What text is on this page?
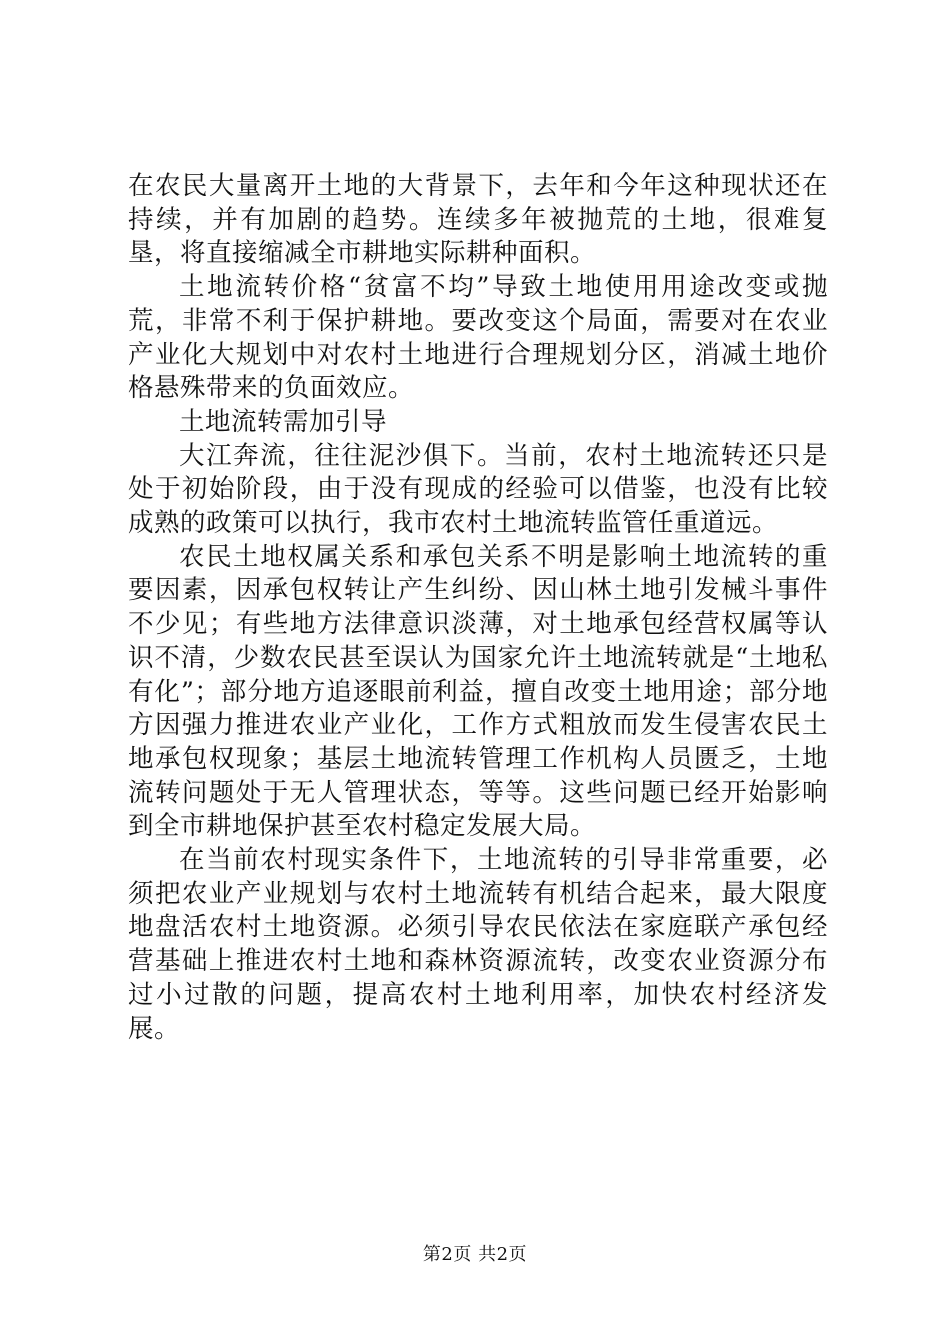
在农民大量离开土地的大背景下，去年和今年这种现状还在持续，并有加剧的趋势。连续多年被抛荒的土地，很难复垦，将直接缩减全市耕地实际耕种面积。

土地流转价格“贫富不均”导致土地使用用途改变或抛荒，非常不利于保护耕地。要改变这个局面，需要对在农业产业化大规划中对农村土地进行合理规划分区，消减土地价格悬殊带来的负面效应。

土地流转需加引导

大江奔流，往往泥沙俱下。当前，农村土地流转还只是处于初始阶段，由于没有现成的经验可以借鉴，也没有比较成熟的政策可以执行，我市农村土地流转监管任重道远。

农民土地权属关系和承包关系不明是影响土地流转的重要因素，因承包权转让产生纠纷、因山林土地引发械斗事件不少见；有些地方法律意识淡薄，对土地承包经营权属等认识不清，少数农民甚至误认为国家允许土地流转就是“土地私有化”；部分地方追逐眼前利益，擅自改变土地用途；部分地方因强力推进农业产业化，工作方式粗放而发生侵害农民土地承包权现象；基层土地流转管理工作机构人员匮乏，土地流转问题处于无人管理状态，等等。这些问题已经开始影响到全市耕地保护甚至农村稳定发展大局。

在当前农村现实条件下，土地流转的引导非常重要，必须把农业产业规划与农村土地流转有机结合起来，最大限度地盘活农村土地资源。必须引导农民依法在家庭联产承包经营基础上推进农村土地和森林资源流转，改变农业资源分布过小过散的问题，提高农村土地利用率，加快农村经济发展。

第2页 共2页
